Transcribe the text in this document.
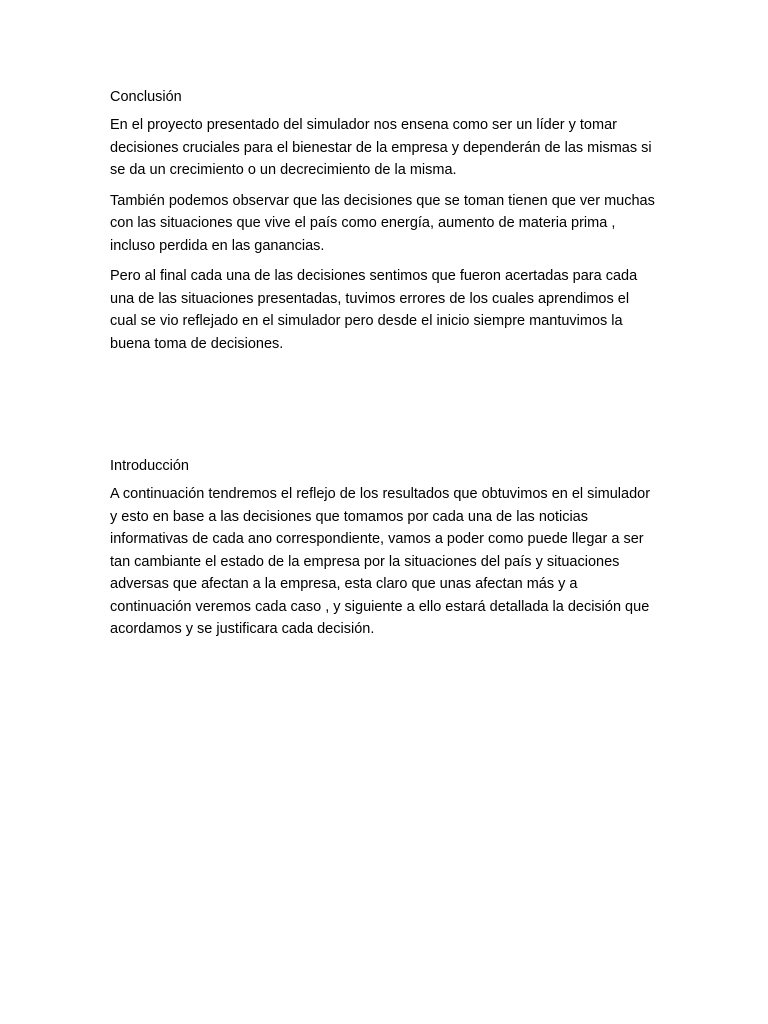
Conclusión

En el proyecto presentado del simulador nos ensena como ser un líder y tomar decisiones cruciales para el bienestar de la empresa y dependerán de las mismas si se da un crecimiento o un decrecimiento de la misma.

También podemos observar que las decisiones que se toman tienen que ver muchas con las situaciones que vive el país como energía, aumento de materia prima , incluso perdida en las ganancias.

Pero al final cada una de las decisiones sentimos que fueron acertadas para cada una de las situaciones presentadas, tuvimos errores de los cuales aprendimos el cual se vio reflejado en el simulador pero desde el inicio siempre mantuvimos la buena toma de decisiones.

Introducción

A continuación tendremos el reflejo de los resultados que obtuvimos en el simulador y esto en base a las decisiones que tomamos por cada una de las noticias informativas de cada ano correspondiente, vamos a poder como puede llegar a ser tan cambiante el estado de la empresa por la situaciones del país y situaciones adversas que afectan a la empresa, esta claro que unas afectan más y a continuación veremos cada caso , y siguiente a ello estará detallada la decisión que acordamos y se justificara cada decisión.
